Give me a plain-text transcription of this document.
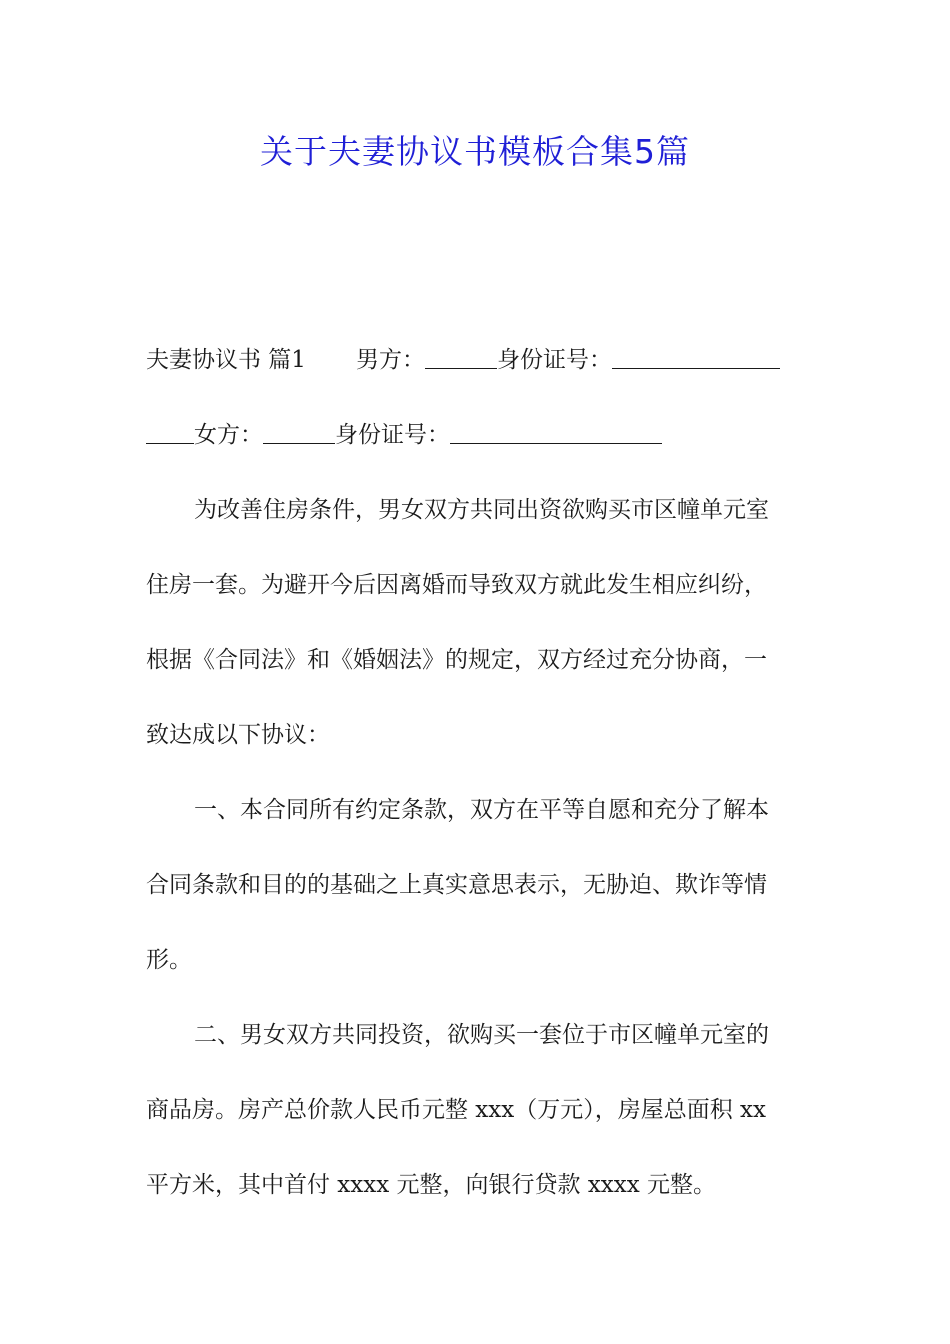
关于夫妻协议书模板合集5篇
夫妻协议书 篇1 男方：	身份证号：
女方：	身份证号：
为改善住房条件，男女双方共同出资欲购买市区幢单元室
住房一套。为避开今后因离婚而导致双方就此发生相应纠纷，
根据《合同法》和《婚姻法》的规定，双方经过充分协商，一
致达成以下协议：
一、本合同所有约定条款，双方在平等自愿和充分了解本
合同条款和目的的基础之上真实意思表示，无胁迫、欺诈等情
形。
二、男女双方共同投资，欲购买一套位于市区幢单元室的
商品房。房产总价款人民币元整 xxx（万元），房屋总面积 xx
平方米，其中首付 xxxx 元整，向银行贷款 xxxx 元整。
